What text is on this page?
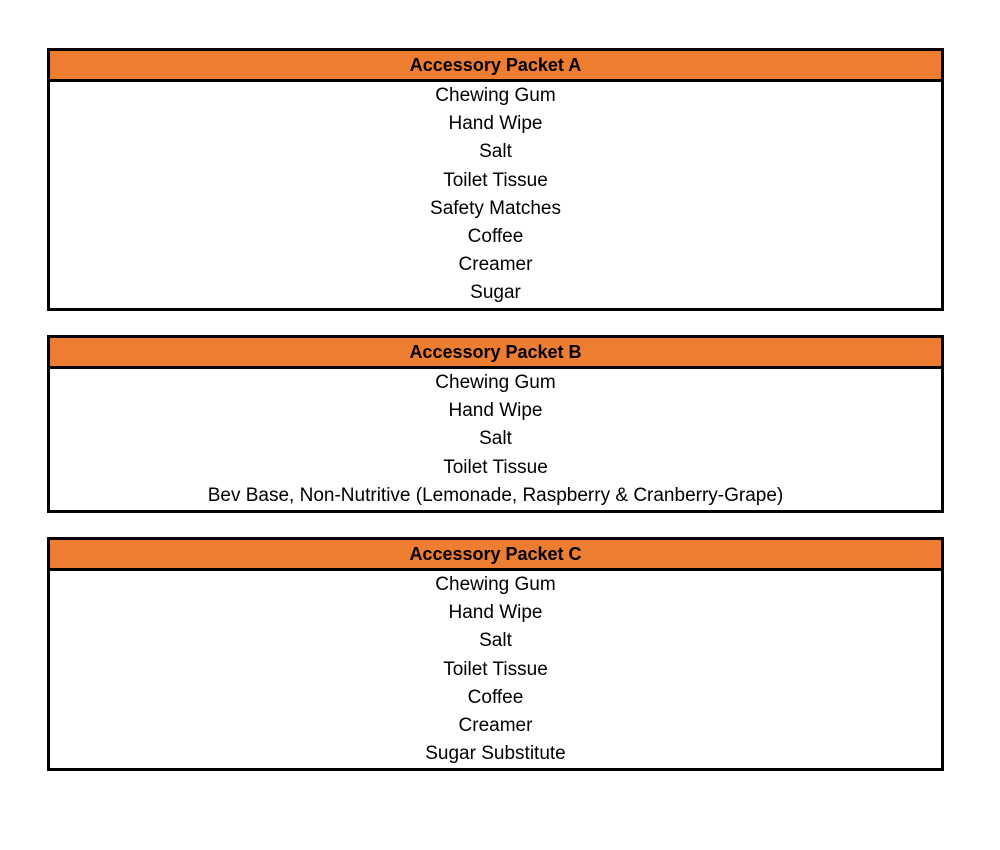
Accessory Packet A
Chewing Gum
Hand Wipe
Salt
Toilet Tissue
Safety Matches
Coffee
Creamer
Sugar
Accessory Packet B
Chewing Gum
Hand Wipe
Salt
Toilet Tissue
Bev Base, Non-Nutritive (Lemonade, Raspberry & Cranberry-Grape)
Accessory Packet C
Chewing Gum
Hand Wipe
Salt
Toilet Tissue
Coffee
Creamer
Sugar Substitute
